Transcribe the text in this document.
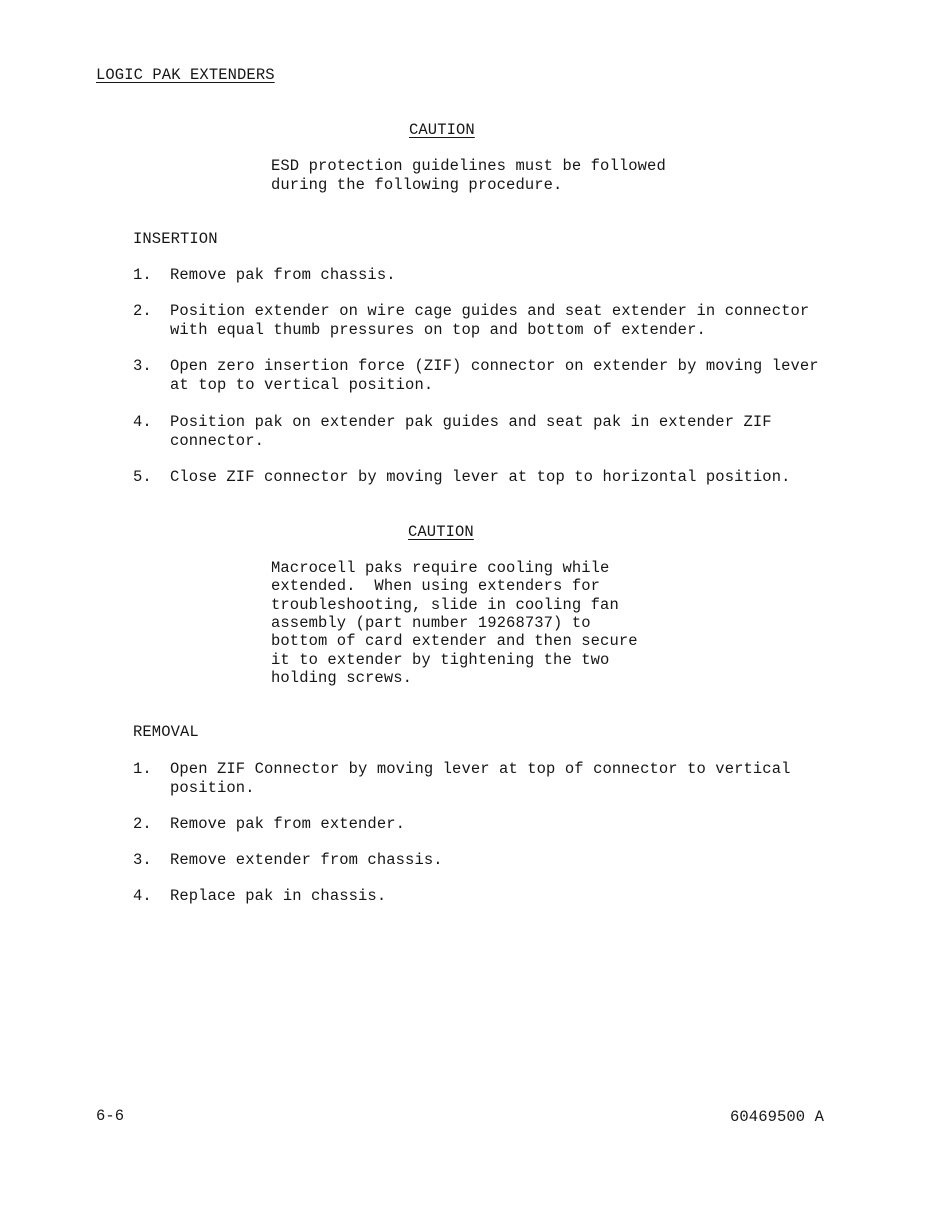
LOGIC PAK EXTENDERS
CAUTION
ESD protection guidelines must be followed
during the following procedure.
INSERTION
1. Remove pak from chassis.
2. Position extender on wire cage guides and seat extender in connector
with equal thumb pressures on top and bottom of extender.
3. Open zero insertion force (ZIF) connector on extender by moving lever
at top to vertical position.
4. Position pak on extender pak guides and seat pak in extender ZIF
connector.
5. Close ZIF connector by moving lever at top to horizontal position.
CAUTION
Macrocell paks require cooling while
extended.  When using extenders for
troubleshooting, slide in cooling fan
assembly (part number 19268737) to
bottom of card extender and then secure
it to extender by tightening the two
holding screws.
REMOVAL
1. Open ZIF Connector by moving lever at top of connector to vertical
position.
2. Remove pak from extender.
3. Remove extender from chassis.
4. Replace pak in chassis.
6-6	60469500 A
